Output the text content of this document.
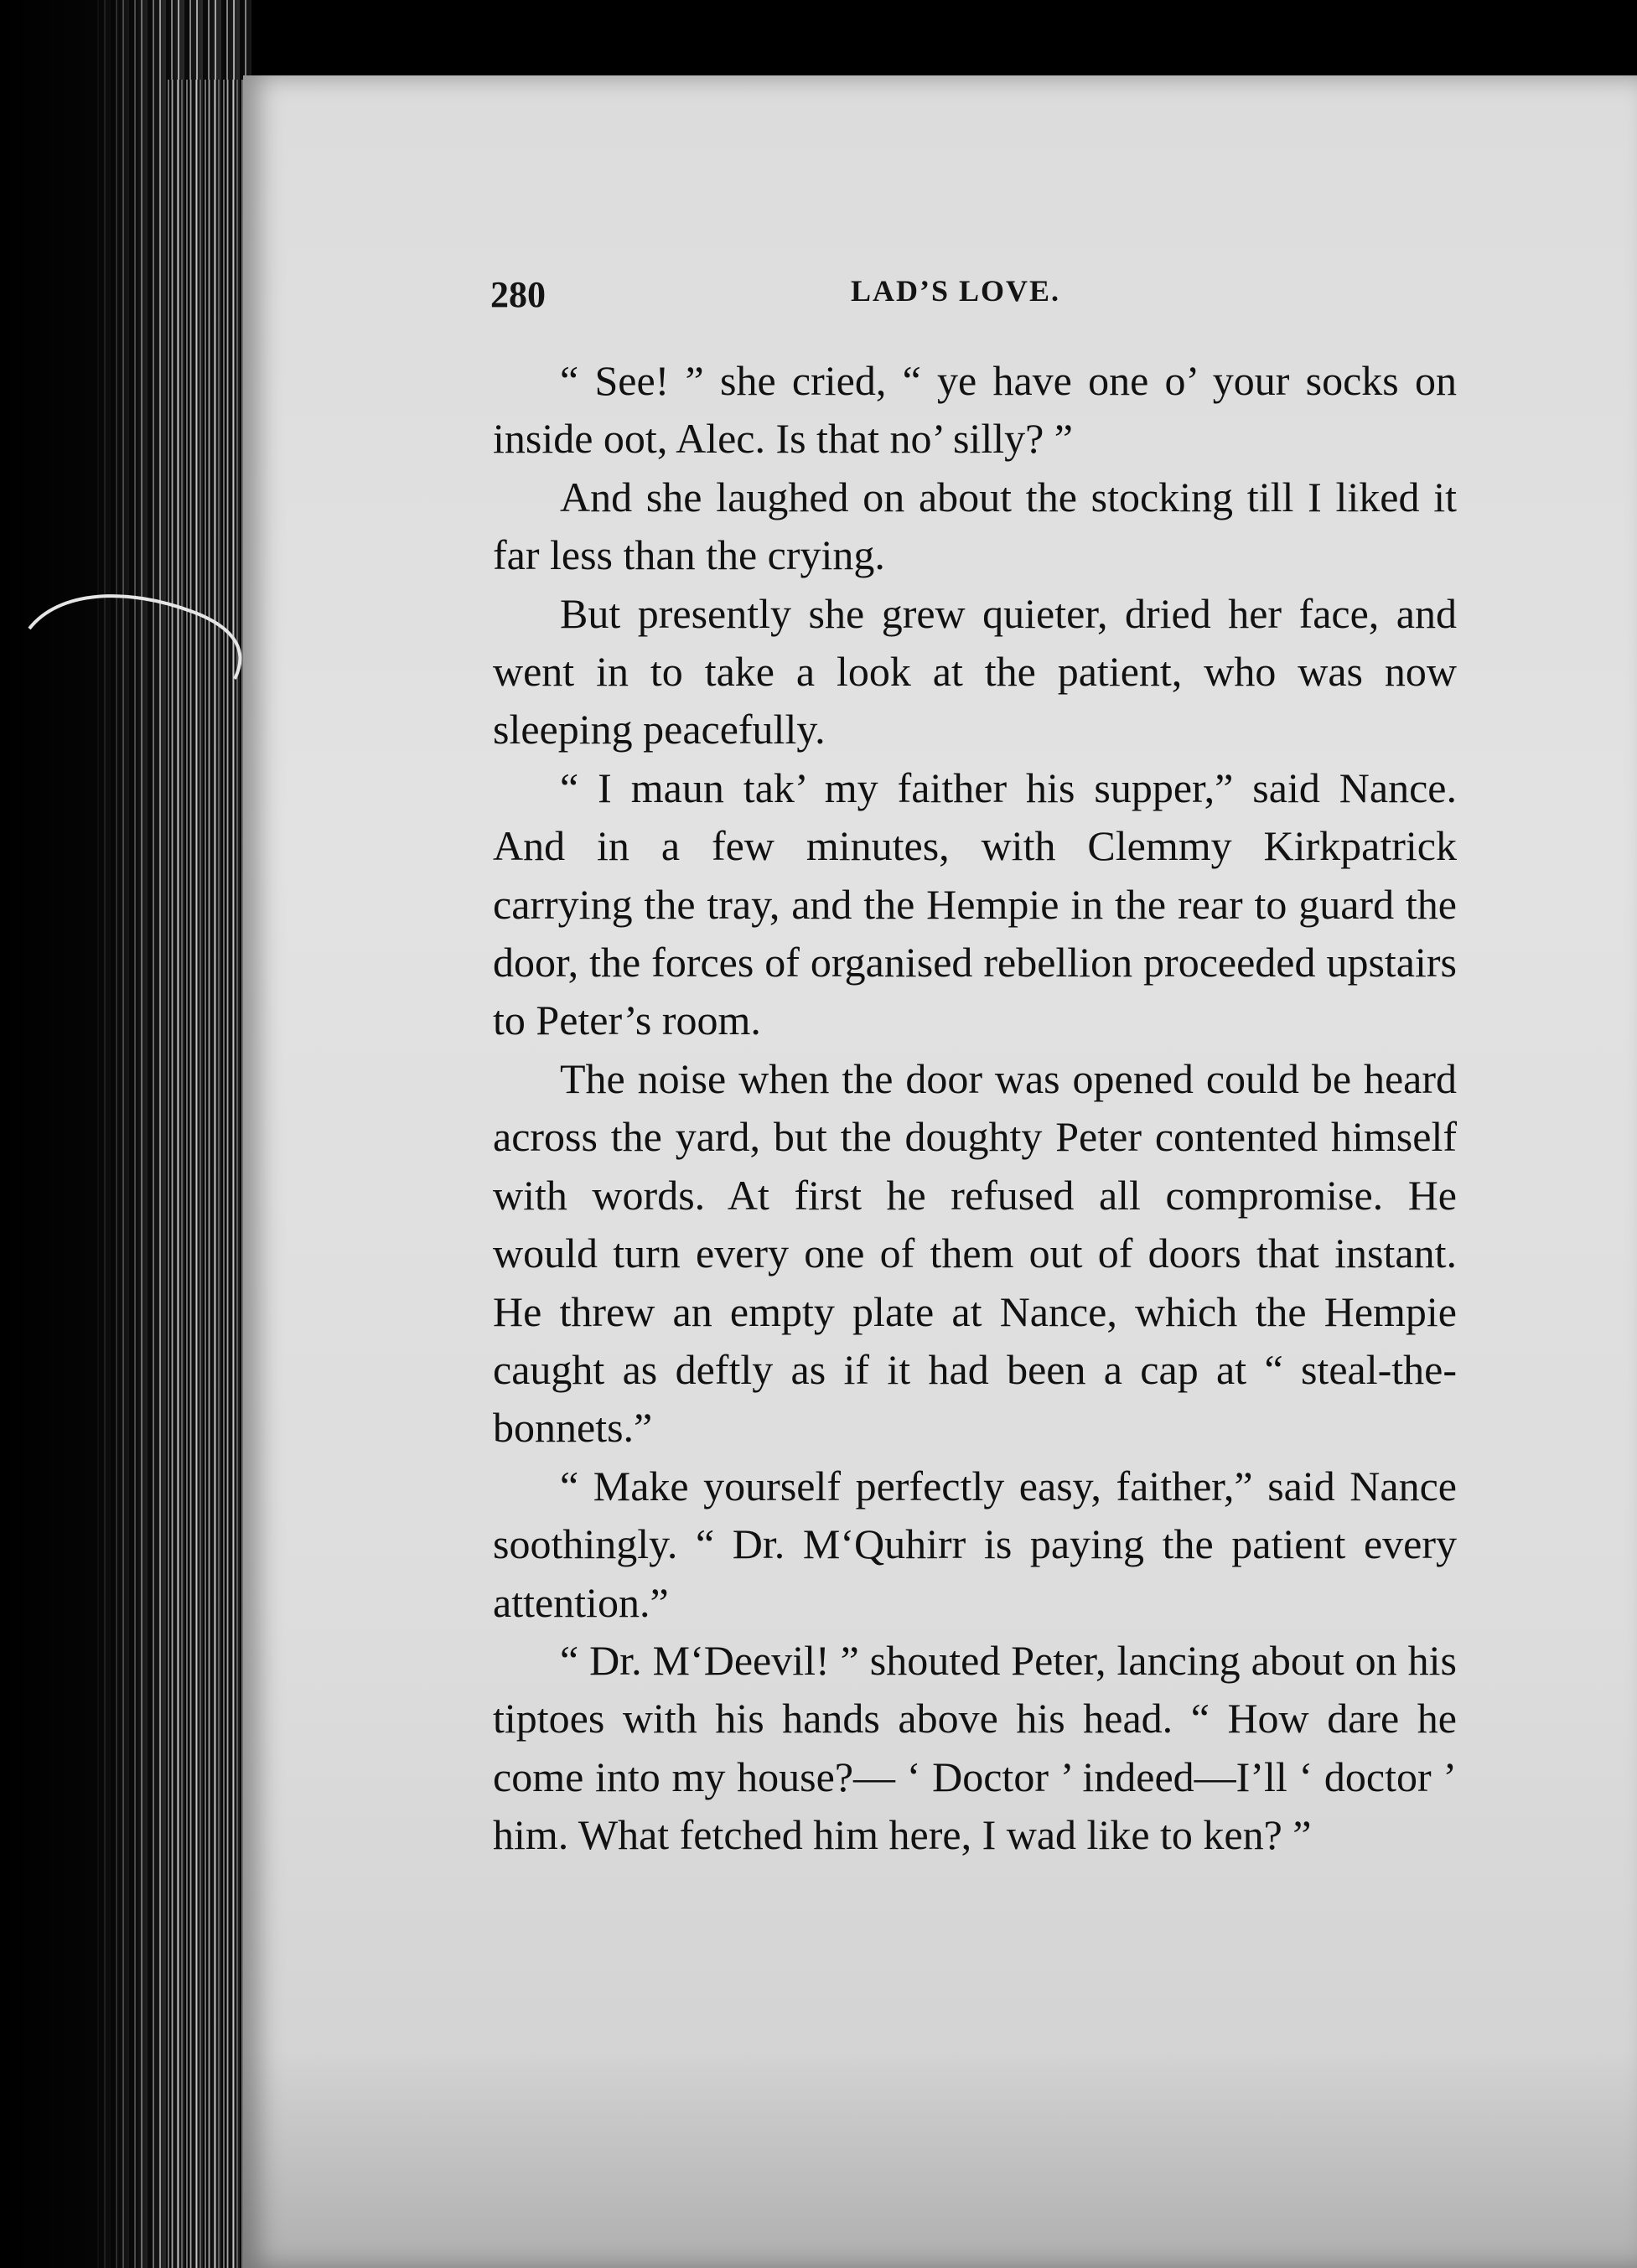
280	LAD’S LOVE.

“ See! ” she cried, “ ye have one o’ your socks on inside oot, Alec. Is that no’ silly? ”

And she laughed on about the stocking till I liked it far less than the crying.

But presently she grew quieter, dried her face, and went in to take a look at the patient, who was now sleeping peacefully.

“ I maun tak’ my faither his supper,” said Nance. And in a few minutes, with Clemmy Kirkpatrick carrying the tray, and the Hempie in the rear to guard the door, the forces of organised rebellion proceeded upstairs to Peter’s room.

The noise when the door was opened could be heard across the yard, but the doughty Peter contented himself with words. At first he refused all compromise. He would turn every one of them out of doors that instant. He threw an empty plate at Nance, which the Hempie caught as deftly as if it had been a cap at “ steal-the-bonnets.”

“ Make yourself perfectly easy, faither,” said Nance soothingly. “ Dr. M‘Quhirr is paying the patient every attention.”

“ Dr. M‘Deevil! ” shouted Peter, lancing about on his tiptoes with his hands above his head. “ How dare he come into my house?— ‘ Doctor ’ indeed—I’ll ‘ doctor ’ him. What fetched him here, I wad like to ken? ”
